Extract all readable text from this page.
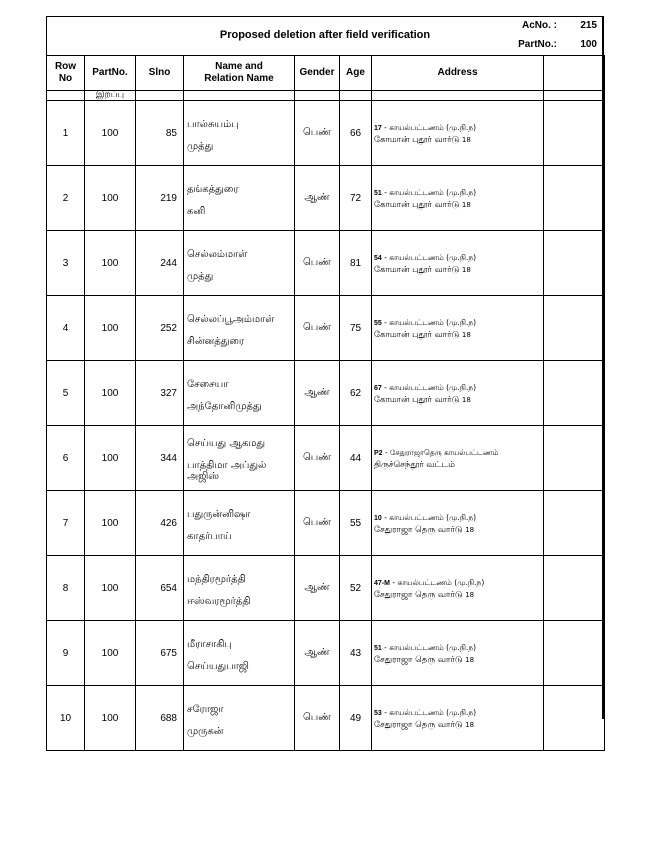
Proposed deletion after field verification
AcNo. : 215
PartNo.: 100
Row No	PartNo.	Slno	Name and
Relation Name	Gender	Age	Address	
	இறப்பு						
1	100	85	பால்சுயம்பு
முத்து	பெண்	66	17 - காயல்பட்டணம் (மு.நி.ந)
கோமான் புதூர் வார்டு 18	

2	100	219	தங்கத்துரை
கனி	ஆண்	72	51 - காயல்பட்டணம் (மு.நி.ந)
கோமான் புதூர் வார்டு 18	

3	100	244	செல்லம்மாள்
முத்து	பெண்	81	54 - காயல்பட்டணம் (மு.நி.ந)
கோமான் புதூர் வார்டு 18	

4	100	252	செல்லப்பூஅம்மாள்
சின்னத்துரை	பெண்	75	55 - காயல்பட்டணம் (மு.நி.ந)
கோமான் புதூர் வார்டு 18	

5	100	327	சேசையா
அந்தோனிமுத்து	ஆண்	62	67 - காயல்பட்டணம் (மு.நி.ந)
கோமான் புதூர் வார்டு 18	

6	100	344	செய்யது ஆகமது
பாத்திமா அப்துல் அஜிஸ்	பெண்	44	P2 - சேதுராஜாதெரு காயல்பட்டணம்
திருச்செந்தூர் வட்டம்	

7	100	426	பதுருன்னிஷா
காதர்பாய்	பெண்	55	10 - காயல்பட்டணம் (மு.நி.ந)
சேதுராஜா தெரு வார்டு 18	

8	100	654	மந்திரமூர்த்தி
ஈஸ்வரமூர்த்தி	ஆண்	52	47-M - காயல்பட்டணம் (மு.நி.ந)
சேதுராஜா தெரு வார்டு 18	

9	100	675	மீராசாகிபு
செய்யதுபாஜி	ஆண்	43	51 - காயல்பட்டணம் (மு.நி.ந)
சேதுராஜா தெரு வார்டு 18	

10	100	688	சரோஜா
முருகன்	பெண்	49	53 - காயல்பட்டணம் (மு.நி.ந)
சேதுராஜா தெரு வார்டு 18	
